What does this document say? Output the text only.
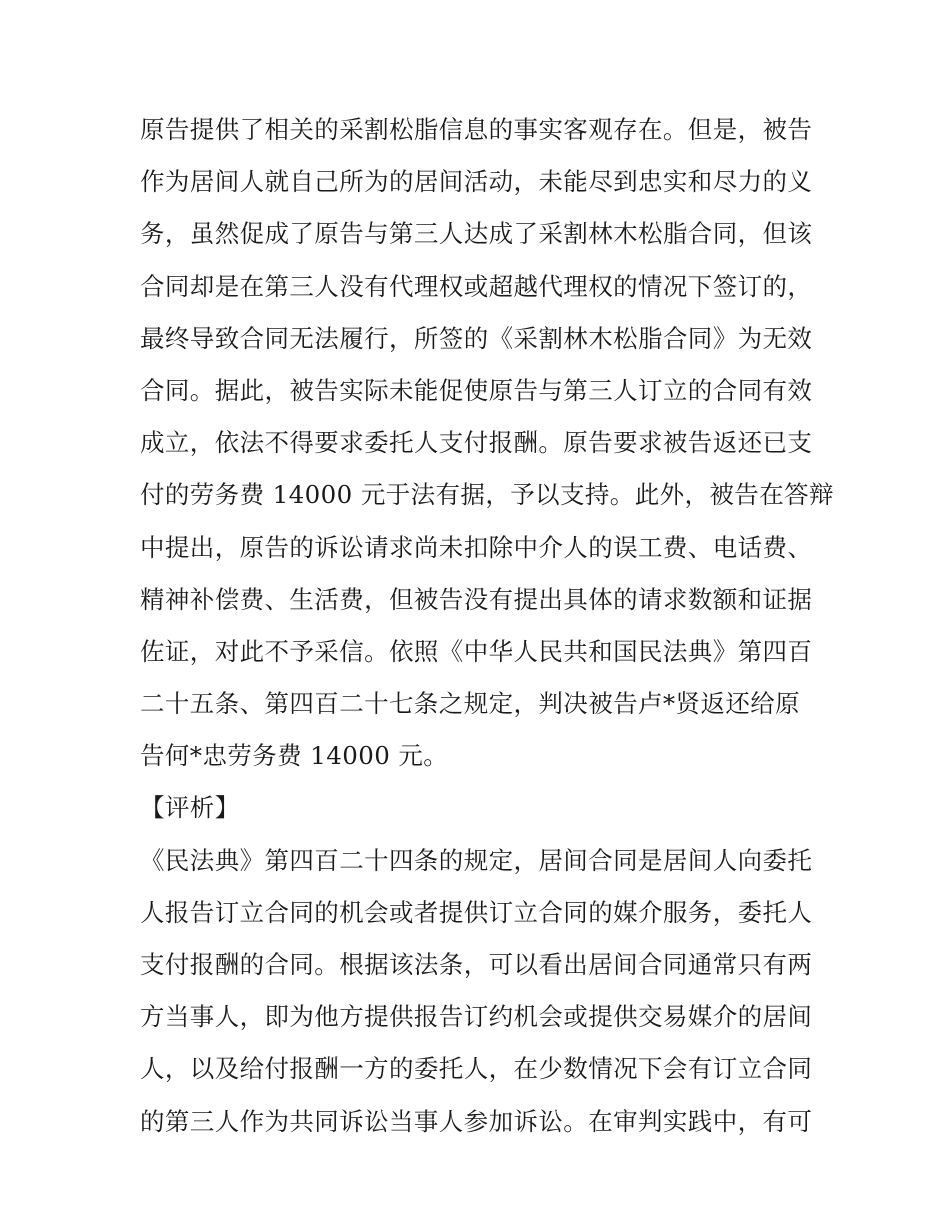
原告提供了相关的采割松脂信息的事实客观存在。但是，被告
作为居间人就自己所为的居间活动，未能尽到忠实和尽力的义
务，虽然促成了原告与第三人达成了采割林木松脂合同，但该
合同却是在第三人没有代理权或超越代理权的情况下签订的，
最终导致合同无法履行，所签的《采割林木松脂合同》为无效
合同。据此，被告实际未能促使原告与第三人订立的合同有效
成立，依法不得要求委托人支付报酬。原告要求被告返还已支
付的劳务费 14000 元于法有据，予以支持。此外，被告在答辩
中提出，原告的诉讼请求尚未扣除中介人的误工费、电话费、
精神补偿费、生活费，但被告没有提出具体的请求数额和证据
佐证，对此不予采信。依照《中华人民共和国民法典》第四百
二十五条、第四百二十七条之规定，判决被告卢*贤返还给原
告何*忠劳务费 14000 元。
【评析】
《民法典》第四百二十四条的规定，居间合同是居间人向委托
人报告订立合同的机会或者提供订立合同的媒介服务，委托人
支付报酬的合同。根据该法条，可以看出居间合同通常只有两
方当事人，即为他方提供报告订约机会或提供交易媒介的居间
人，以及给付报酬一方的委托人，在少数情况下会有订立合同
的第三人作为共同诉讼当事人参加诉讼。在审判实践中，有可
